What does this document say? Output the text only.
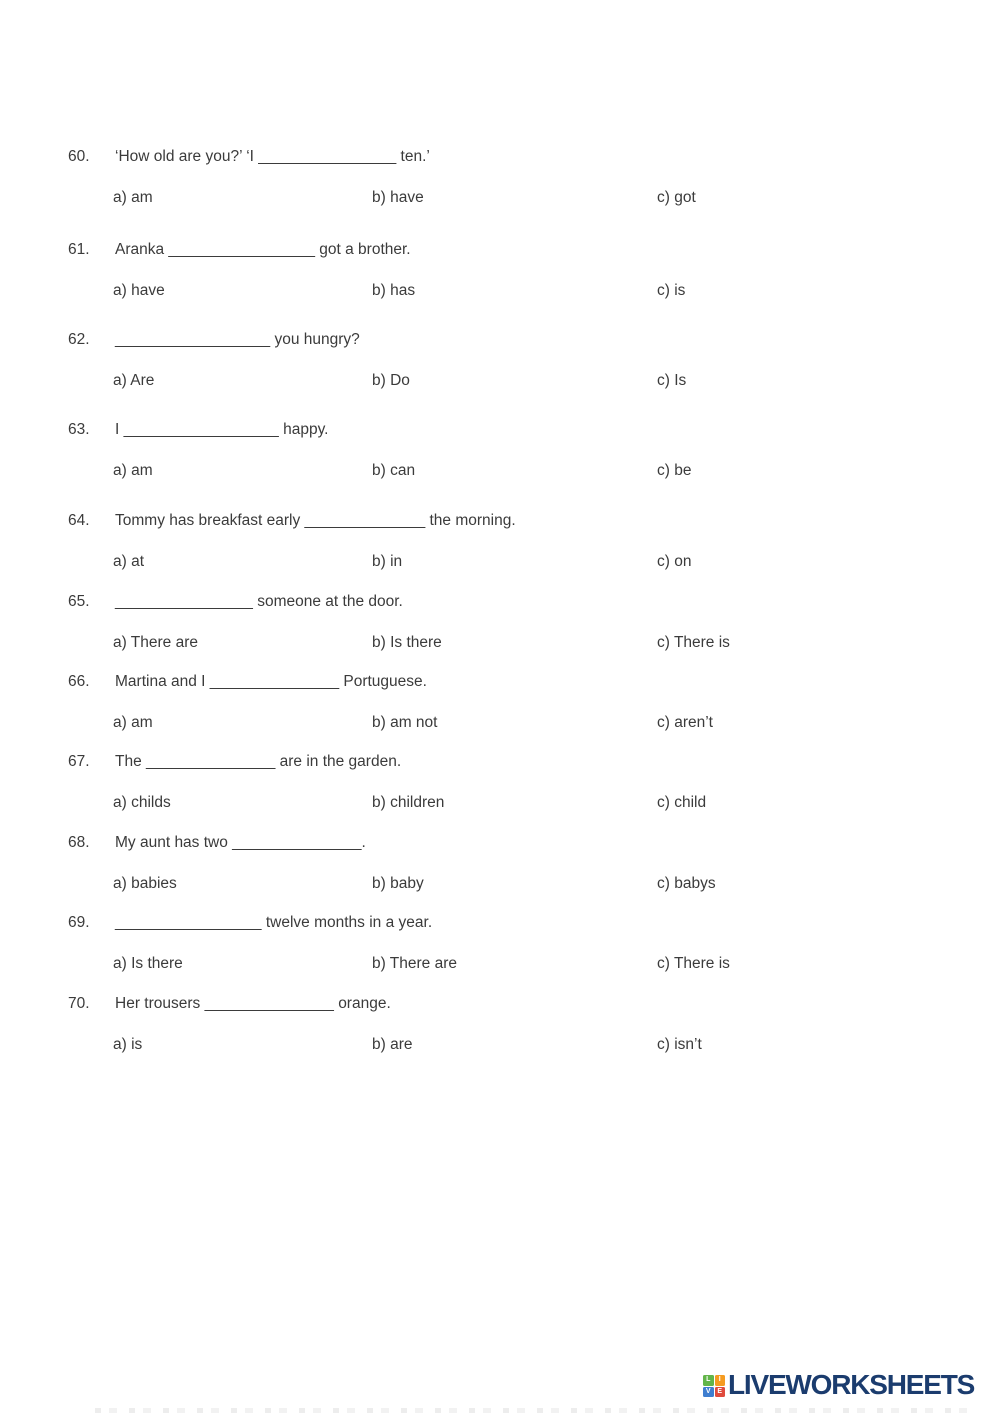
60. ‘How old are you?’ ‘I ________________ ten.’
a) am	b) have	c) got
61. Aranka _________________ got a brother.
a) have	b) has	c) is
62. __________________ you hungry?
a) Are	b) Do	c) Is
63. I __________________ happy.
a) am	b) can	c) be
64. Tommy has breakfast early ______________ the morning.
a) at	b) in	c) on
65. ________________ someone at the door.
a) There are	b) Is there	c) There is
66. Martina and I _______________ Portuguese.
a) am	b) am not	c) aren’t
67. The _______________ are in the garden.
a) childs	b) children	c) child
68. My aunt has two _______________.
a) babies	b) baby	c) babys
69. _________________ twelve months in a year.
a) Is there	b) There are	c) There is
70. Her trousers _______________ orange.
a) is	b) are	c) isn’t
L	I
V E LIVEWORKSHEETS
